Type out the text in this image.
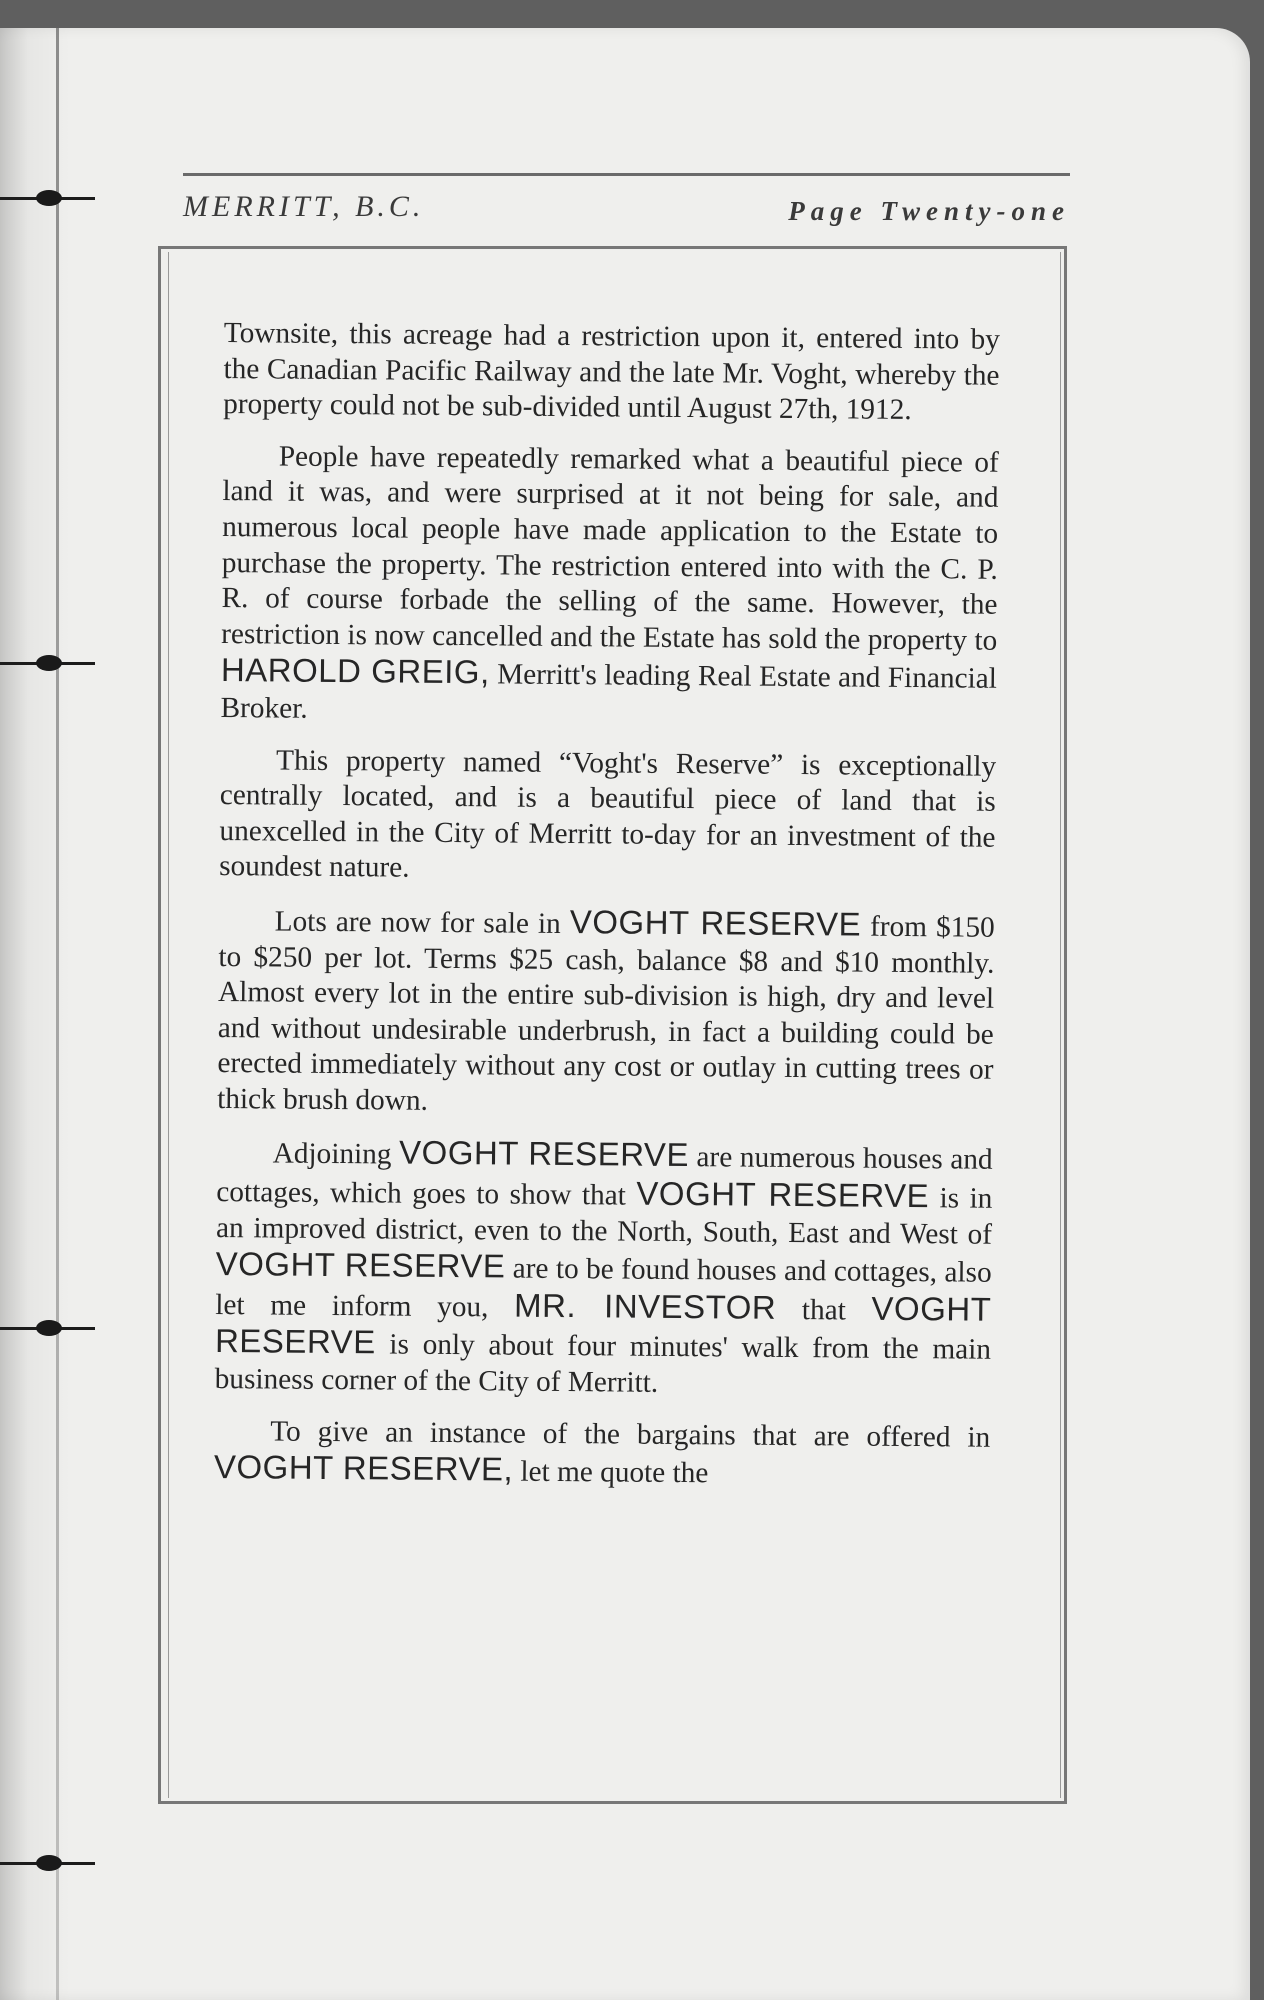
MERRITT, B.C.	Page Twenty-one

Townsite, this acreage had a restriction upon it, entered into by the Canadian Pacific Railway and the late Mr. Voght, whereby the property could not be sub-divided until August 27th, 1912.

People have repeatedly remarked what a beautiful piece of land it was, and were surprised at it not being for sale, and numerous local people have made application to the Estate to purchase the property. The restriction entered into with the C. P. R. of course forbade the selling of the same. However, the restriction is now cancelled and the Estate has sold the property to HAROLD GREIG, Merritt's leading Real Estate and Financial Broker.

This property named “Voght's Reserve” is exceptionally centrally located, and is a beautiful piece of land that is unexcelled in the City of Merritt to-day for an investment of the soundest nature.

Lots are now for sale in VOGHT RESERVE from $150 to $250 per lot. Terms $25 cash, balance $8 and $10 monthly. Almost every lot in the entire sub-division is high, dry and level and without undesirable underbrush, in fact a building could be erected immediately without any cost or outlay in cutting trees or thick brush down.

Adjoining VOGHT RESERVE are numerous houses and cottages, which goes to show that VOGHT RESERVE is in an improved district, even to the North, South, East and West of VOGHT RESERVE are to be found houses and cottages, also let me inform you, MR. INVESTOR that VOGHT RESERVE is only about four minutes' walk from the main business corner of the City of Merritt.

To give an instance of the bargains that are offered in VOGHT RESERVE, let me quote the
